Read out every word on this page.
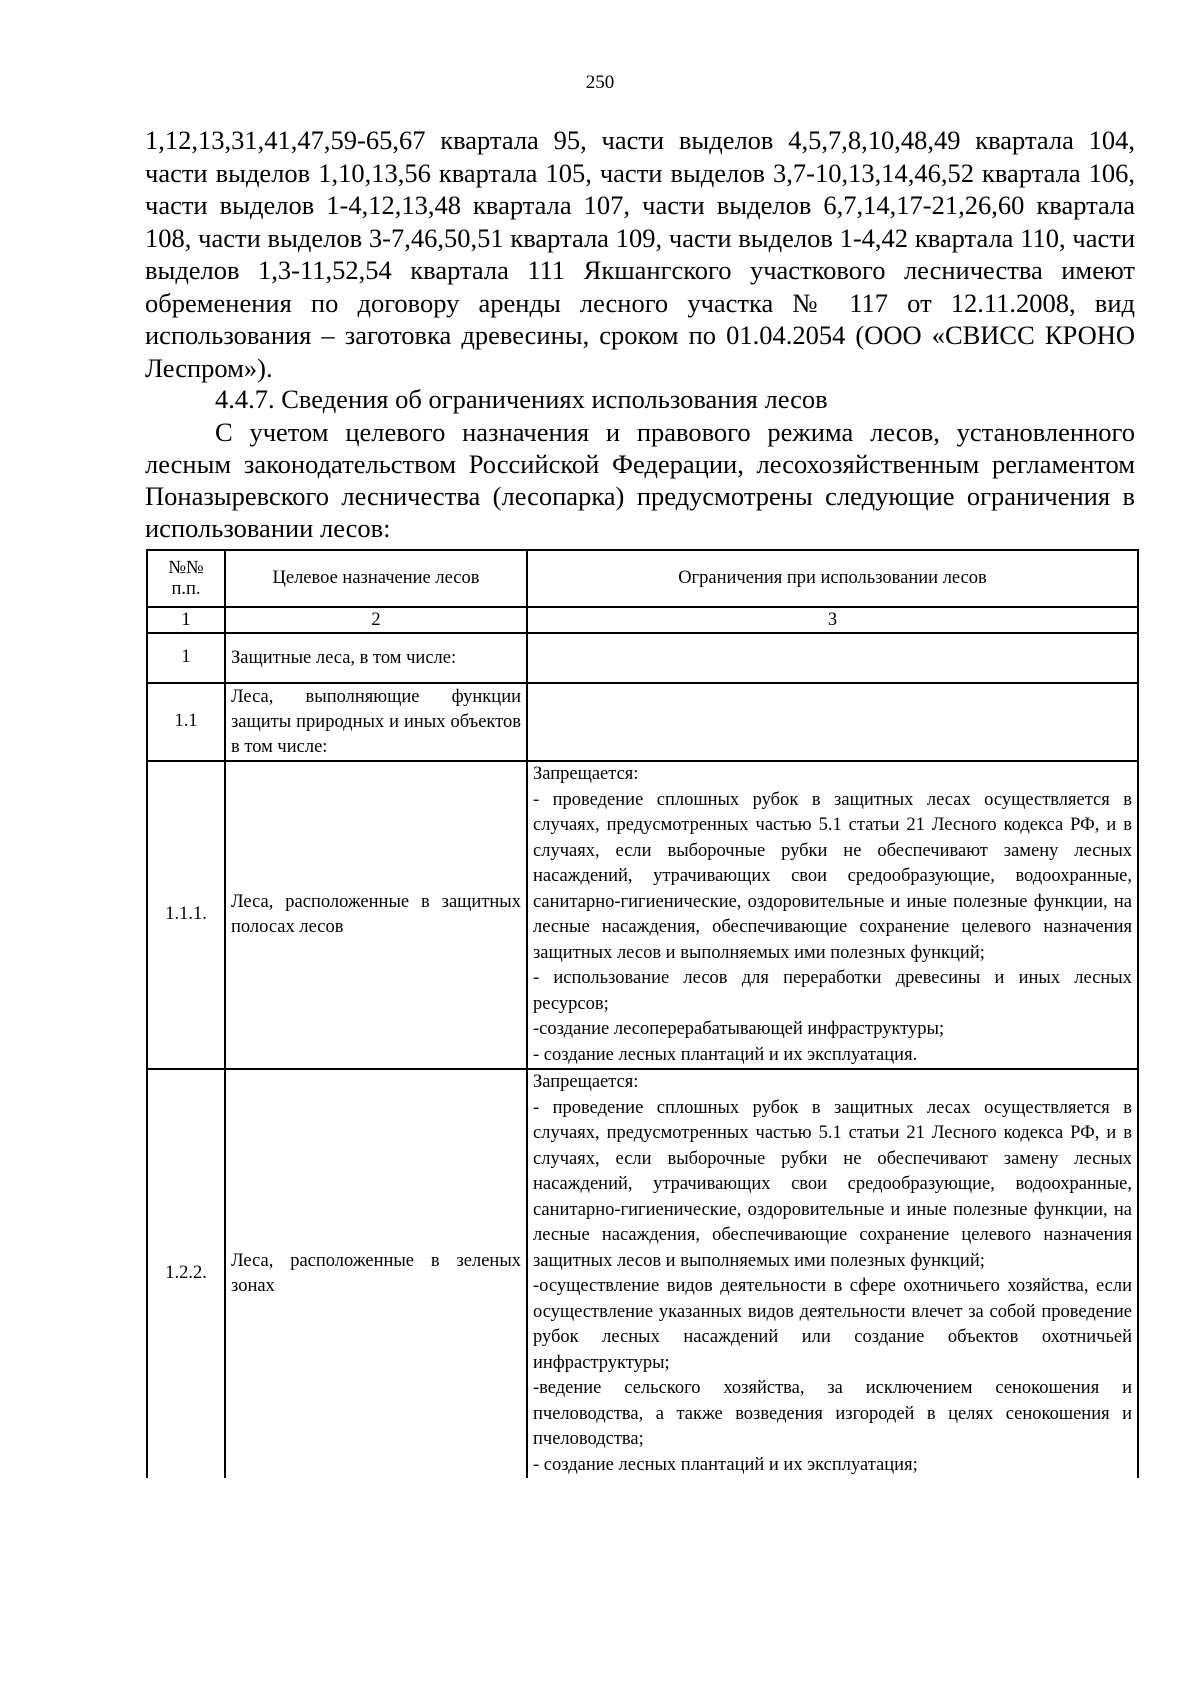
250

1,12,13,31,41,47,59-65,67 квартала 95, части выделов 4,5,7,8,10,48,49 квартала 104, части выделов 1,10,13,56 квартала 105, части выделов 3,7-10,13,14,46,52 квартала 106, части выделов 1-4,12,13,48 квартала 107, части выделов 6,7,14,17-21,26,60 квартала 108, части выделов 3-7,46,50,51 квартала 109, части выделов 1-4,42 квартала 110, части выделов 1,3-11,52,54 квартала 111 Якшангского участкового лесничества имеют обременения по договору аренды лесного участка № 117 от 12.11.2008, вид использования – заготовка древесины, сроком по 01.04.2054 (ООО «СВИСС КРОНО Леспром»).

4.4.7. Сведения об ограничениях использования лесов

С учетом целевого назначения и правового режима лесов, установленного лесным законодательством Российской Федерации, лесохозяйственным регламентом Поназыревского лесничества (лесопарка) предусмотрены следующие ограничения в использовании лесов:

№№ п.п.	Целевое назначение лесов	Ограничения при использовании лесов
1	2	3
1	Защитные леса, в том числе:	
1.1	Леса, выполняющие функции защиты природных и иных объектов в том числе:	
1.1.1.	Леса, расположенные в защитных полосах лесов	Запрещается:
- проведение сплошных рубок в защитных лесах осуществляется в случаях, предусмотренных частью 5.1 статьи 21 Лесного кодекса РФ, и в случаях, если выборочные рубки не обеспечивают замену лесных насаждений, утрачивающих свои средообразующие, водоохранные, санитарно-гигиенические, оздоровительные и иные полезные функции, на лесные насаждения, обеспечивающие сохранение целевого назначения защитных лесов и выполняемых ими полезных функций;
- использование лесов для переработки древесины и иных лесных ресурсов;
-создание лесоперерабатывающей инфраструктуры;
- создание лесных плантаций и их эксплуатация.

1.2.2.	Леса, расположенные в зеленых зонах	Запрещается:
- проведение сплошных рубок в защитных лесах осуществляется в случаях, предусмотренных частью 5.1 статьи 21 Лесного кодекса РФ, и в случаях, если выборочные рубки не обеспечивают замену лесных насаждений, утрачивающих свои средообразующие, водоохранные, санитарно-гигиенические, оздоровительные и иные полезные функции, на лесные насаждения, обеспечивающие сохранение целевого назначения защитных лесов и выполняемых ими полезных функций;
-осуществление видов деятельности в сфере охотничьего хозяйства, если осуществление указанных видов деятельности влечет за собой проведение рубок лесных насаждений или создание объектов охотничьей инфраструктуры;
-ведение сельского хозяйства, за исключением сенокошения и пчеловодства, а также возведения изгородей в целях сенокошения и пчеловодства;
- создание лесных плантаций и их эксплуатация;
